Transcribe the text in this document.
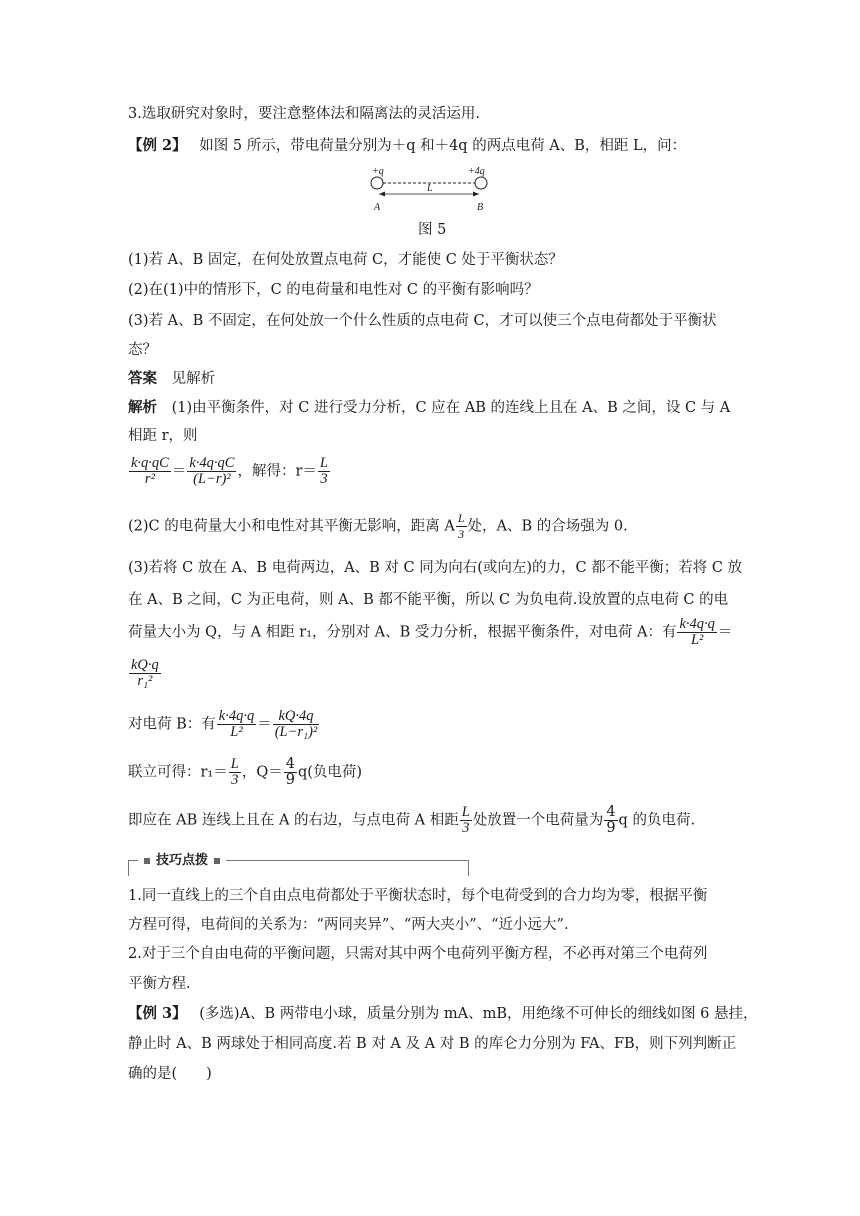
3.选取研究对象时，要注意整体法和隔离法的灵活运用.
【例 2】 如图 5 所示，带电荷量分别为＋q 和＋4q 的两点电荷 A、B，相距 L，问：
+q	+4q
L
A	B
图 5
(1)若 A、B 固定，在何处放置点电荷 C，才能使 C 处于平衡状态？
(2)在(1)中的情形下，C 的电荷量和电性对 C 的平衡有影响吗？
(3)若 A、B 不固定，在何处放一个什么性质的点电荷 C，才可以使三个点电荷都处于平衡状
态？
答案 见解析
解析 (1)由平衡条件，对 C 进行受力分析，C 应在 AB 的连线上且在 A、B 之间，设 C 与 A
相距 r，则
$\frac{k\cdot q\cdot qC}{\text{r²}} = \frac{k\cdot 4q\cdot qC}{\text{(L−r)²}}$ ，解得：$r= \frac{L}{3}$
(2)C 的电荷量大小和电性对其平衡无影响，距离 A $\frac{L}{3}$ 处，A、B 的合场强为 0.
(3)若将 C 放在 A、B 电荷两边，A、B 对 C 同为向右(或向左)的力，C 都不能平衡；若将 C 放
在 A、B 之间，C 为正电荷，则 A、B 都不能平衡，所以 C 为负电荷.设放置的点电荷 C 的电
荷量大小为 Q，与 A 相距 r₁，分别对 A、B 受力分析，根据平衡条件，对电荷 A：有 $\frac{k\cdot 4q\cdot q}{\text{L²}}$ ＝
$\frac{kQ\cdot q}{\text{r₁²}}$
对电荷 B：有 $\frac{k\cdot 4q\cdot q}{\text{L²}} = \frac{kQ\cdot 4q}{\text{(L−r₁)²}}$
联立可得：$r_1= \frac{L}{3}$ ，$Q= \frac{4}{9} q$(负电荷)
即应在 AB 连线上且在 A 的右边，与点电荷 A 相距 $\frac{L}{3}$ 处放置一个电荷量为 $\frac{4}{9}$ q 的负电荷.
技巧点拨
1.同一直线上的三个自由点电荷都处于平衡状态时，每个电荷受到的合力均为零，根据平衡
方程可得，电荷间的关系为：“两同夹异”、“两大夹小”、“近小远大”.
2.对于三个自由电荷的平衡问题，只需对其中两个电荷列平衡方程，不必再对第三个电荷列
平衡方程.
【例 3】 (多选)A、B 两带电小球，质量分别为 mA、mB，用绝缘不可伸长的细线如图 6 悬挂，
静止时 A、B 两球处于相同高度.若 B 对 A 及 A 对 B 的库仑力分别为 FA、FB，则下列判断正
确的是(　　)
